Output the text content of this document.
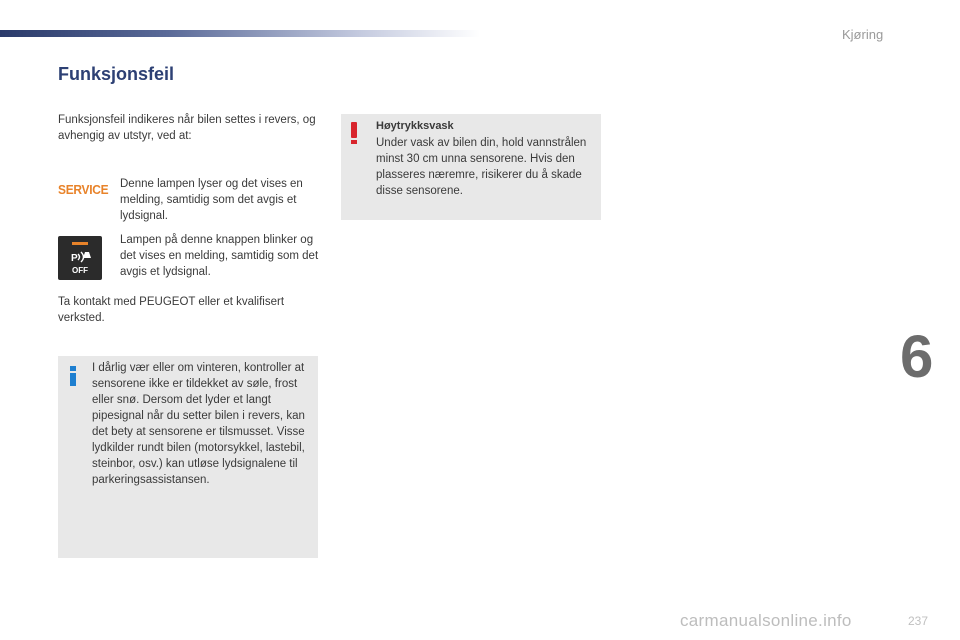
Kjøring
6
237
Funksjonsfeil
Funksjonsfeil indikeres når bilen settes i revers, og avhengig av utstyr, ved at:
SERVICE Denne lampen lyser og det vises en melding, samtidig som det avgis et lydsignal.
P
OFF
Lampen på denne knappen blinker og det vises en melding, samtidig som det avgis et lydsignal.
Ta kontakt med PEUGEOT eller et kvalifisert verksted.
I dårlig vær eller om vinteren, kontroller at sensorene ikke er tildekket av søle, frost eller snø. Dersom det lyder et langt pipesignal når du setter bilen i revers, kan det bety at sensorene er tilsmusset. Visse lydkilder rundt bilen (motorsykkel, lastebil, steinbor, osv.) kan utløse lydsignalene til parkeringsassistansen.
Høytrykksvask
Under vask av bilen din, hold vannstrålen minst 30 cm unna sensorene. Hvis den plasseres næremre, risikerer du å skade disse sensorene.
carmanualsonline.info
